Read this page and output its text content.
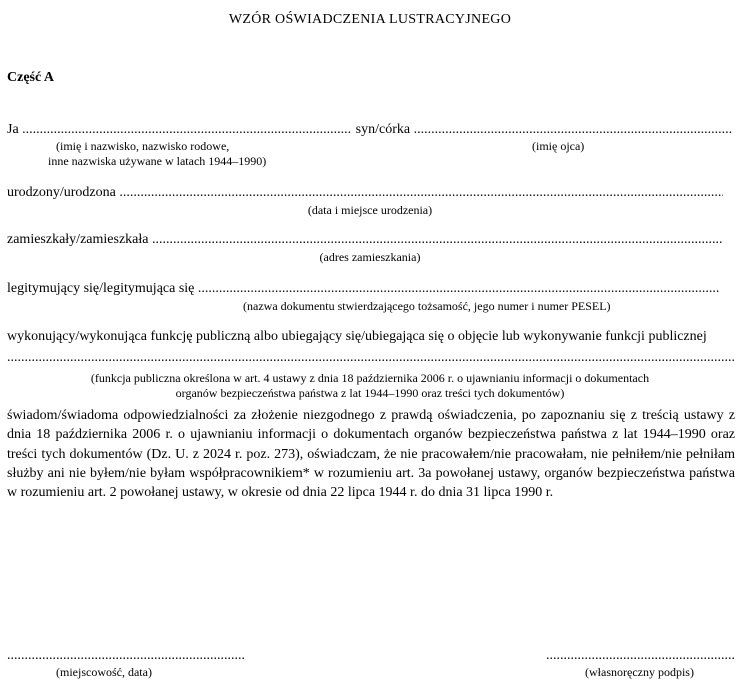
WZÓR OŚWIADCZENIA LUSTRACYJNEGO
Część A
Ja .....	syn/córka .....
(imię i nazwisko, nazwisko rodowe,
inne nazwiska używane w latach 1944–1990)
(imię ojca)
urodzony/urodzona .....
(data i miejsce urodzenia)
zamieszkały/zamieszkała .....
(adres zamieszkania)
legitymujący się/legitymująca się .....
(nazwa dokumentu stwierdzającego tożsamość, jego numer i numer PESEL)
wykonujący/wykonująca funkcję publiczną albo ubiegający się/ubiegająca się o objęcie lub wykonywanie funkcji publicznej
.....
(funkcja publiczna określona w art. 4 ustawy z dnia 18 października 2006 r. o ujawnianiu informacji o dokumentach
organów bezpieczeństwa państwa z lat 1944–1990 oraz treści tych dokumentów)
świadom/świadoma odpowiedzialności za złożenie niezgodnego z prawdą oświadczenia, po zapoznaniu się z treścią ustawy z dnia 18 października 2006 r. o ujawnianiu informacji o dokumentach organów bezpieczeństwa państwa z lat 1944–1990 oraz treści tych dokumentów (Dz. U. z 2024 r. poz. 273), oświadczam, że nie pracowałem/nie pracowałam, nie pełniłem/nie pełniłam służby ani nie byłem/nie byłam współpracownikiem* w rozumieniu art. 3a powołanej ustawy, organów bezpieczeństwa państwa w rozumieniu art. 2 powołanej ustawy, w okresie od dnia 22 lipca 1944 r. do dnia 31 lipca 1990 r.
.....
(miejscowość, data)
.....	(własnoręczny podpis)
